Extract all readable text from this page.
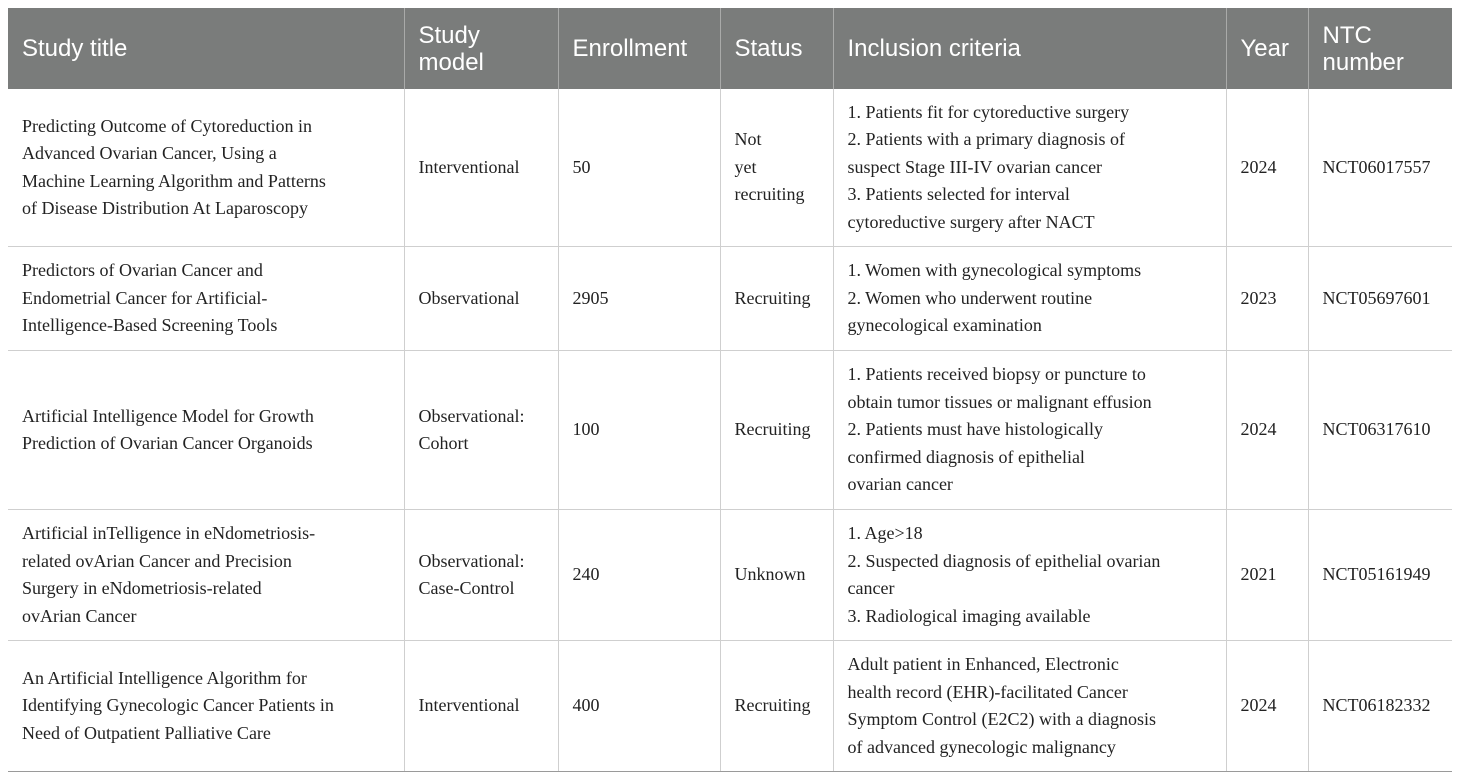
Study title	Study model	Enrollment	Status	Inclusion criteria	Year	NTC number

Predicting Outcome of Cytoreduction in
Advanced Ovarian Cancer, Using a
Machine Learning Algorithm and Patterns
of Disease Distribution At Laparoscopy	Interventional	50	Not
yet
recruiting	1. Patients fit for cytoreductive surgery
2. Patients with a primary diagnosis of
suspect Stage III-IV ovarian cancer
3. Patients selected for interval
cytoreductive surgery after NACT	2024	NCT06017557

Predictors of Ovarian Cancer and
Endometrial Cancer for Artificial-
Intelligence-Based Screening Tools	Observational	2905	Recruiting	1. Women with gynecological symptoms
2. Women who underwent routine
gynecological examination	2023	NCT05697601

Artificial Intelligence Model for Growth
Prediction of Ovarian Cancer Organoids	Observational:
Cohort	100	Recruiting	1. Patients received biopsy or puncture to
obtain tumor tissues or malignant effusion
2. Patients must have histologically
confirmed diagnosis of epithelial
ovarian cancer	2024	NCT06317610

Artificial inTelligence in eNdometriosis-
related ovArian Cancer and Precision
Surgery in eNdometriosis-related
ovArian Cancer	Observational:
Case-Control	240	Unknown	1. Age>18
2. Suspected diagnosis of epithelial ovarian
cancer
3. Radiological imaging available	2021	NCT05161949

An Artificial Intelligence Algorithm for
Identifying Gynecologic Cancer Patients in
Need of Outpatient Palliative Care	Interventional	400	Recruiting	Adult patient in Enhanced, Electronic
health record (EHR)-facilitated Cancer
Symptom Control (E2C2) with a diagnosis
of advanced gynecologic malignancy	2024	NCT06182332
